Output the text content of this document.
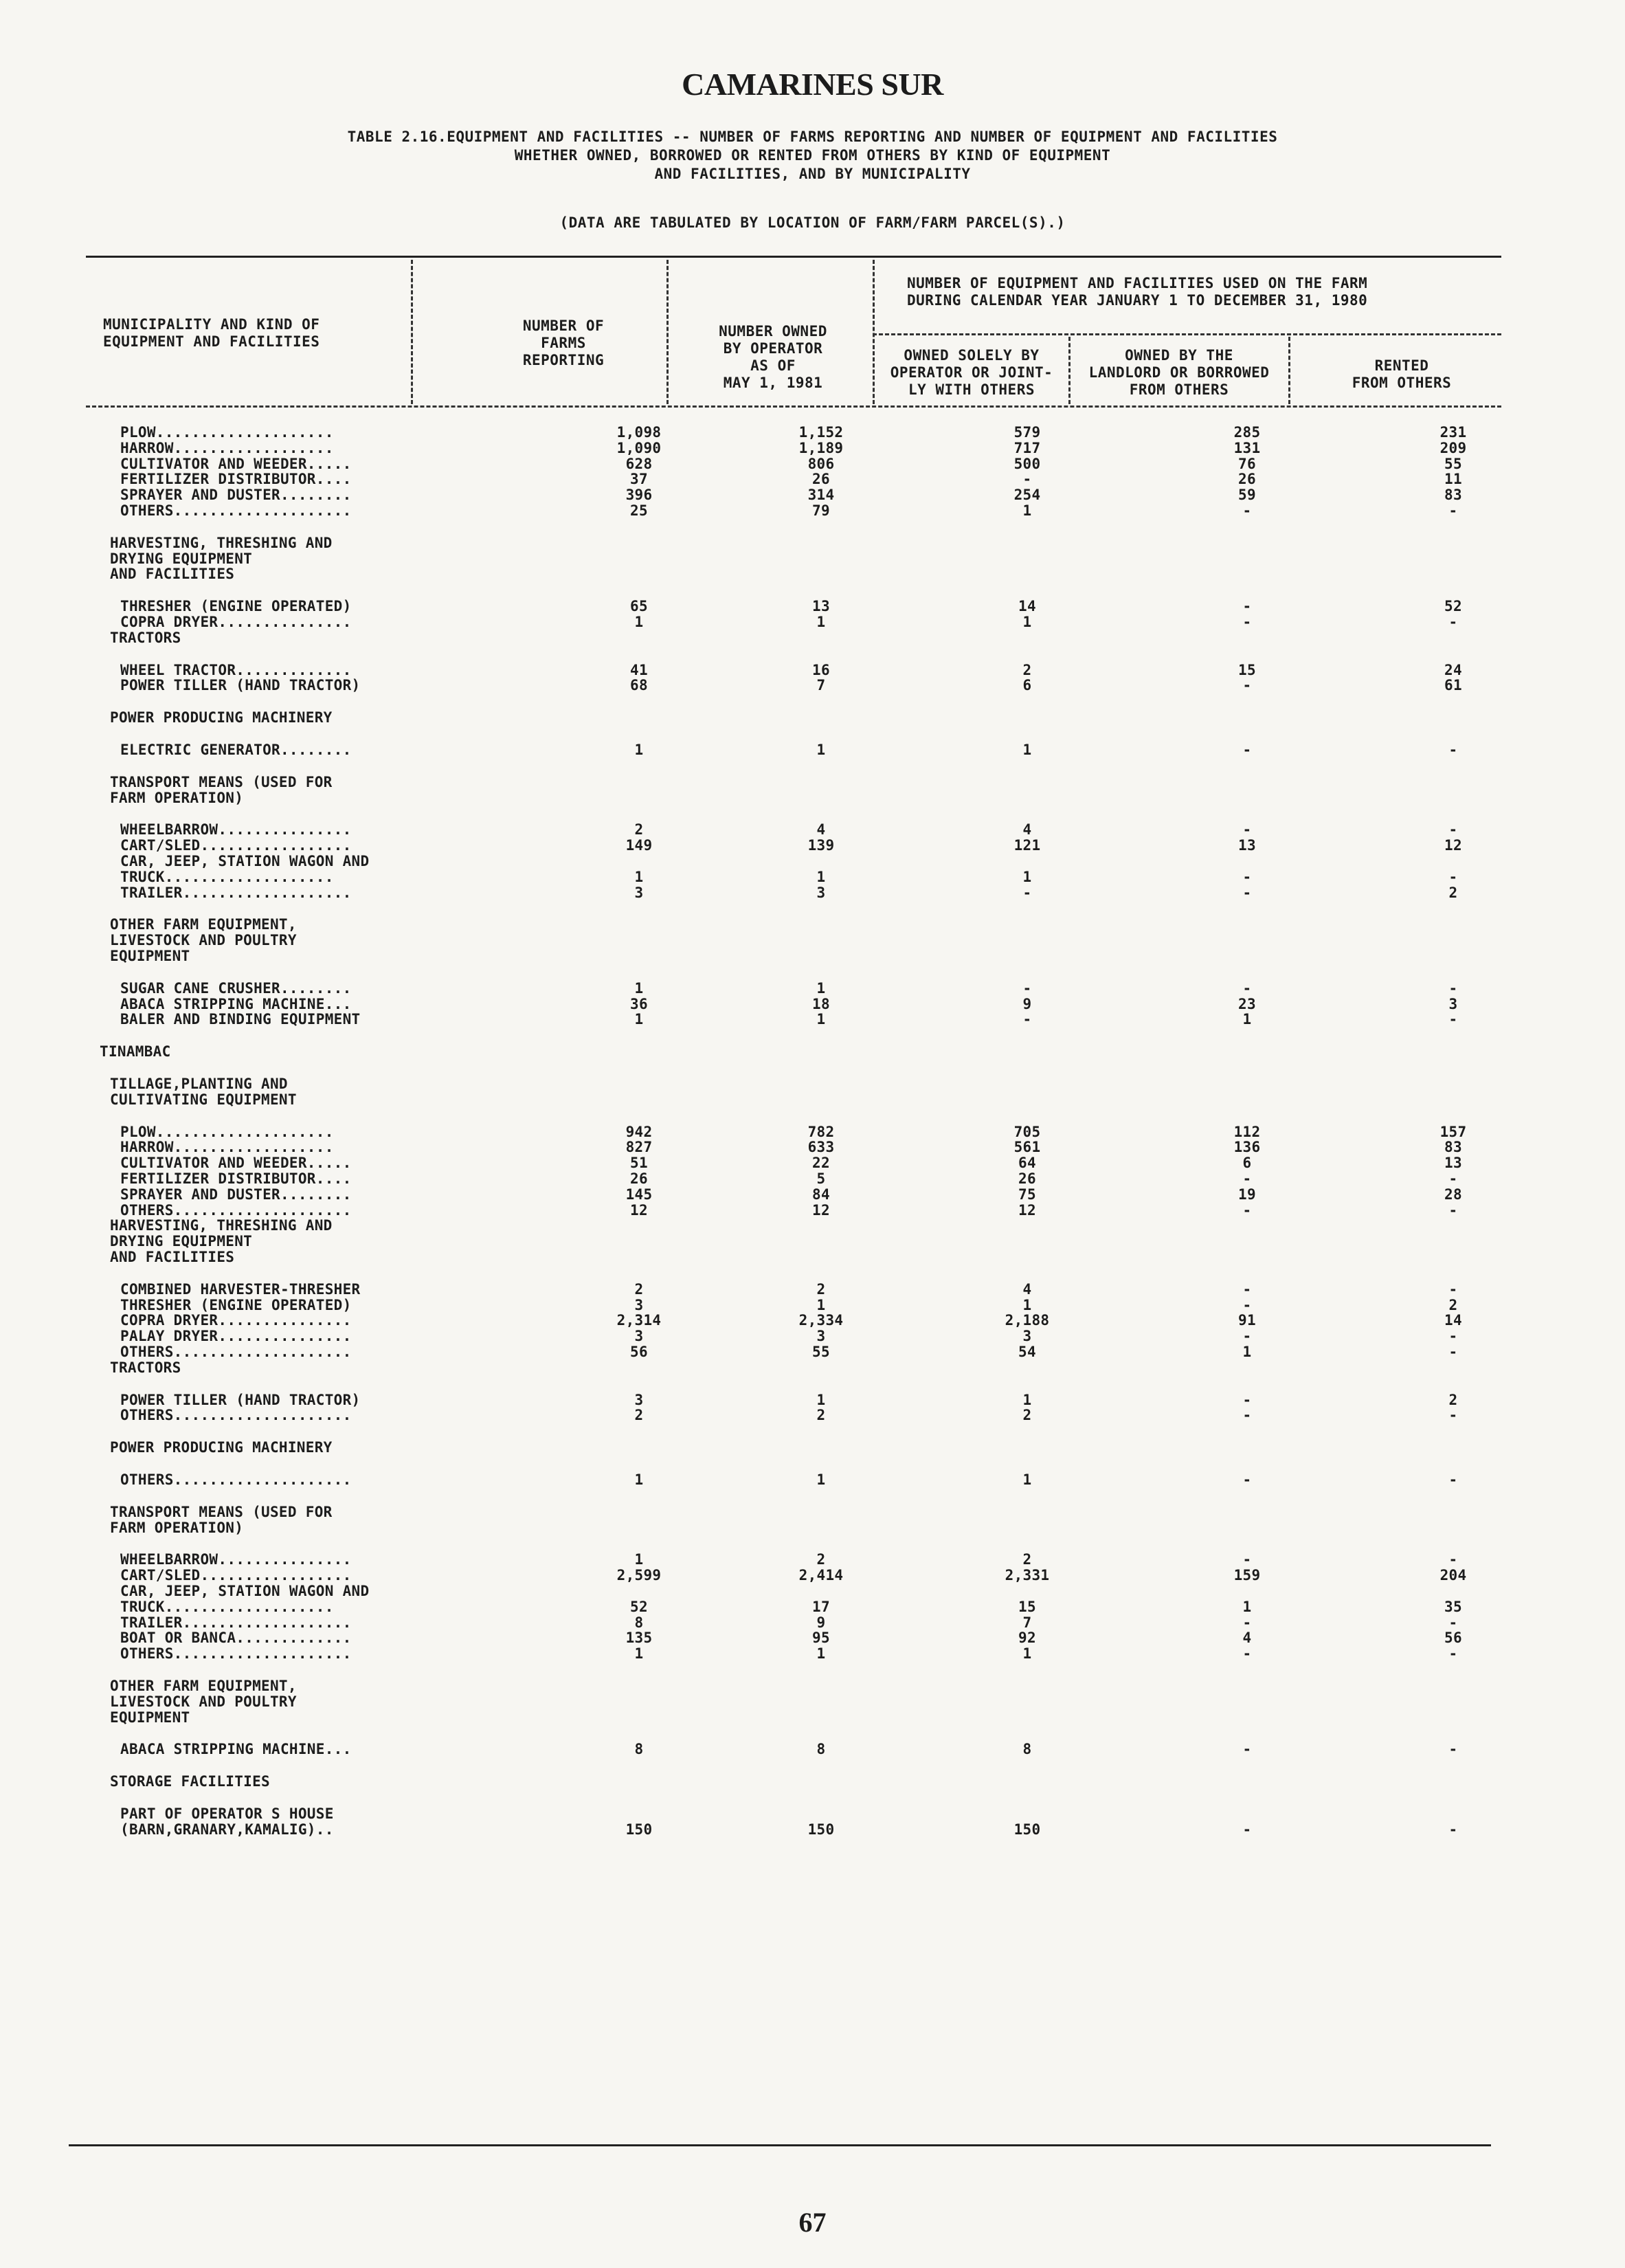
CAMARINES SUR
TABLE 2.16.EQUIPMENT AND FACILITIES -- NUMBER OF FARMS REPORTING AND NUMBER OF EQUIPMENT AND FACILITIES
WHETHER OWNED, BORROWED OR RENTED FROM OTHERS BY KIND OF EQUIPMENT
AND FACILITIES, AND BY MUNICIPALITY
(DATA ARE TABULATED BY LOCATION OF FARM/FARM PARCEL(S).)
MUNICIPALITY AND KIND OF
EQUIPMENT AND FACILITIES
NUMBER OF
FARMS
REPORTING
NUMBER OWNED
BY OPERATOR
AS OF
MAY 1, 1981
NUMBER OF EQUIPMENT AND FACILITIES USED ON THE FARM
DURING CALENDAR YEAR JANUARY 1 TO DECEMBER 31, 1980
OWNED SOLELY BY
OPERATOR OR JOINT-
LY WITH OTHERS
OWNED BY THE
LANDLORD OR BORROWED
FROM OTHERS
RENTED
FROM OTHERS
PLOW....................	1,098	1,152	579	285	231
HARROW..................	1,090	1,189	717	131	209
CULTIVATOR AND WEEDER.....	628	806	500	76	55
FERTILIZER DISTRIBUTOR....	37	26	-	26	11
SPRAYER AND DUSTER........	396	314	254	59	83
OTHERS....................	25	79	1	-	-
HARVESTING, THRESHING AND
DRYING EQUIPMENT
AND FACILITIES
THRESHER (ENGINE OPERATED)	65	13	14	-	52
COPRA DRYER...............	1	1	1	-	-
TRACTORS
WHEEL TRACTOR.............	41	16	2	15	24
POWER TILLER (HAND TRACTOR)	68	7	6	-	61
POWER PRODUCING MACHINERY
ELECTRIC GENERATOR........	1	1	1	-	-
TRANSPORT MEANS (USED FOR
FARM OPERATION)
WHEELBARROW...............	2	4	4	-	-
CART/SLED.................	149	139	121	13	12
CAR, JEEP, STATION WAGON AND
TRUCK...................	1	1	1	-	-
TRAILER...................	3	3	-	-	2
OTHER FARM EQUIPMENT,
LIVESTOCK AND POULTRY
EQUIPMENT
SUGAR CANE CRUSHER........	1	1	-	-	-
ABACA STRIPPING MACHINE...	36	18	9	23	3
BALER AND BINDING EQUIPMENT	1	1	-	1	-
TINAMBAC
TILLAGE,PLANTING AND
CULTIVATING EQUIPMENT
PLOW....................	942	782	705	112	157
HARROW..................	827	633	561	136	83
CULTIVATOR AND WEEDER.....	51	22	64	6	13
FERTILIZER DISTRIBUTOR....	26	5	26	-	-
SPRAYER AND DUSTER........	145	84	75	19	28
OTHERS....................	12	12	12	-	-
HARVESTING, THRESHING AND
DRYING EQUIPMENT
AND FACILITIES
COMBINED HARVESTER-THRESHER	2	2	4	-	-
THRESHER (ENGINE OPERATED)	3	1	1	-	2
COPRA DRYER...............	2,314	2,334	2,188	91	14
PALAY DRYER...............	3	3	3	-	-
OTHERS....................	56	55	54	1	-
TRACTORS
POWER TILLER (HAND TRACTOR)	3	1	1	-	2
OTHERS....................	2	2	2	-	-
POWER PRODUCING MACHINERY
OTHERS....................	1	1	1	-	-
TRANSPORT MEANS (USED FOR
FARM OPERATION)
WHEELBARROW...............	1	2	2	-	-
CART/SLED.................	2,599	2,414	2,331	159	204
CAR, JEEP, STATION WAGON AND
TRUCK...................	52	17	15	1	35
TRAILER...................	8	9	7	-	-
BOAT OR BANCA.............	135	95	92	4	56
OTHERS....................	1	1	1	-	-
OTHER FARM EQUIPMENT,
LIVESTOCK AND POULTRY
EQUIPMENT
ABACA STRIPPING MACHINE...	8	8	8	-	-
STORAGE FACILITIES
PART OF OPERATOR S HOUSE
(BARN,GRANARY,KAMALIG)..	150	150	150	-	-
67
